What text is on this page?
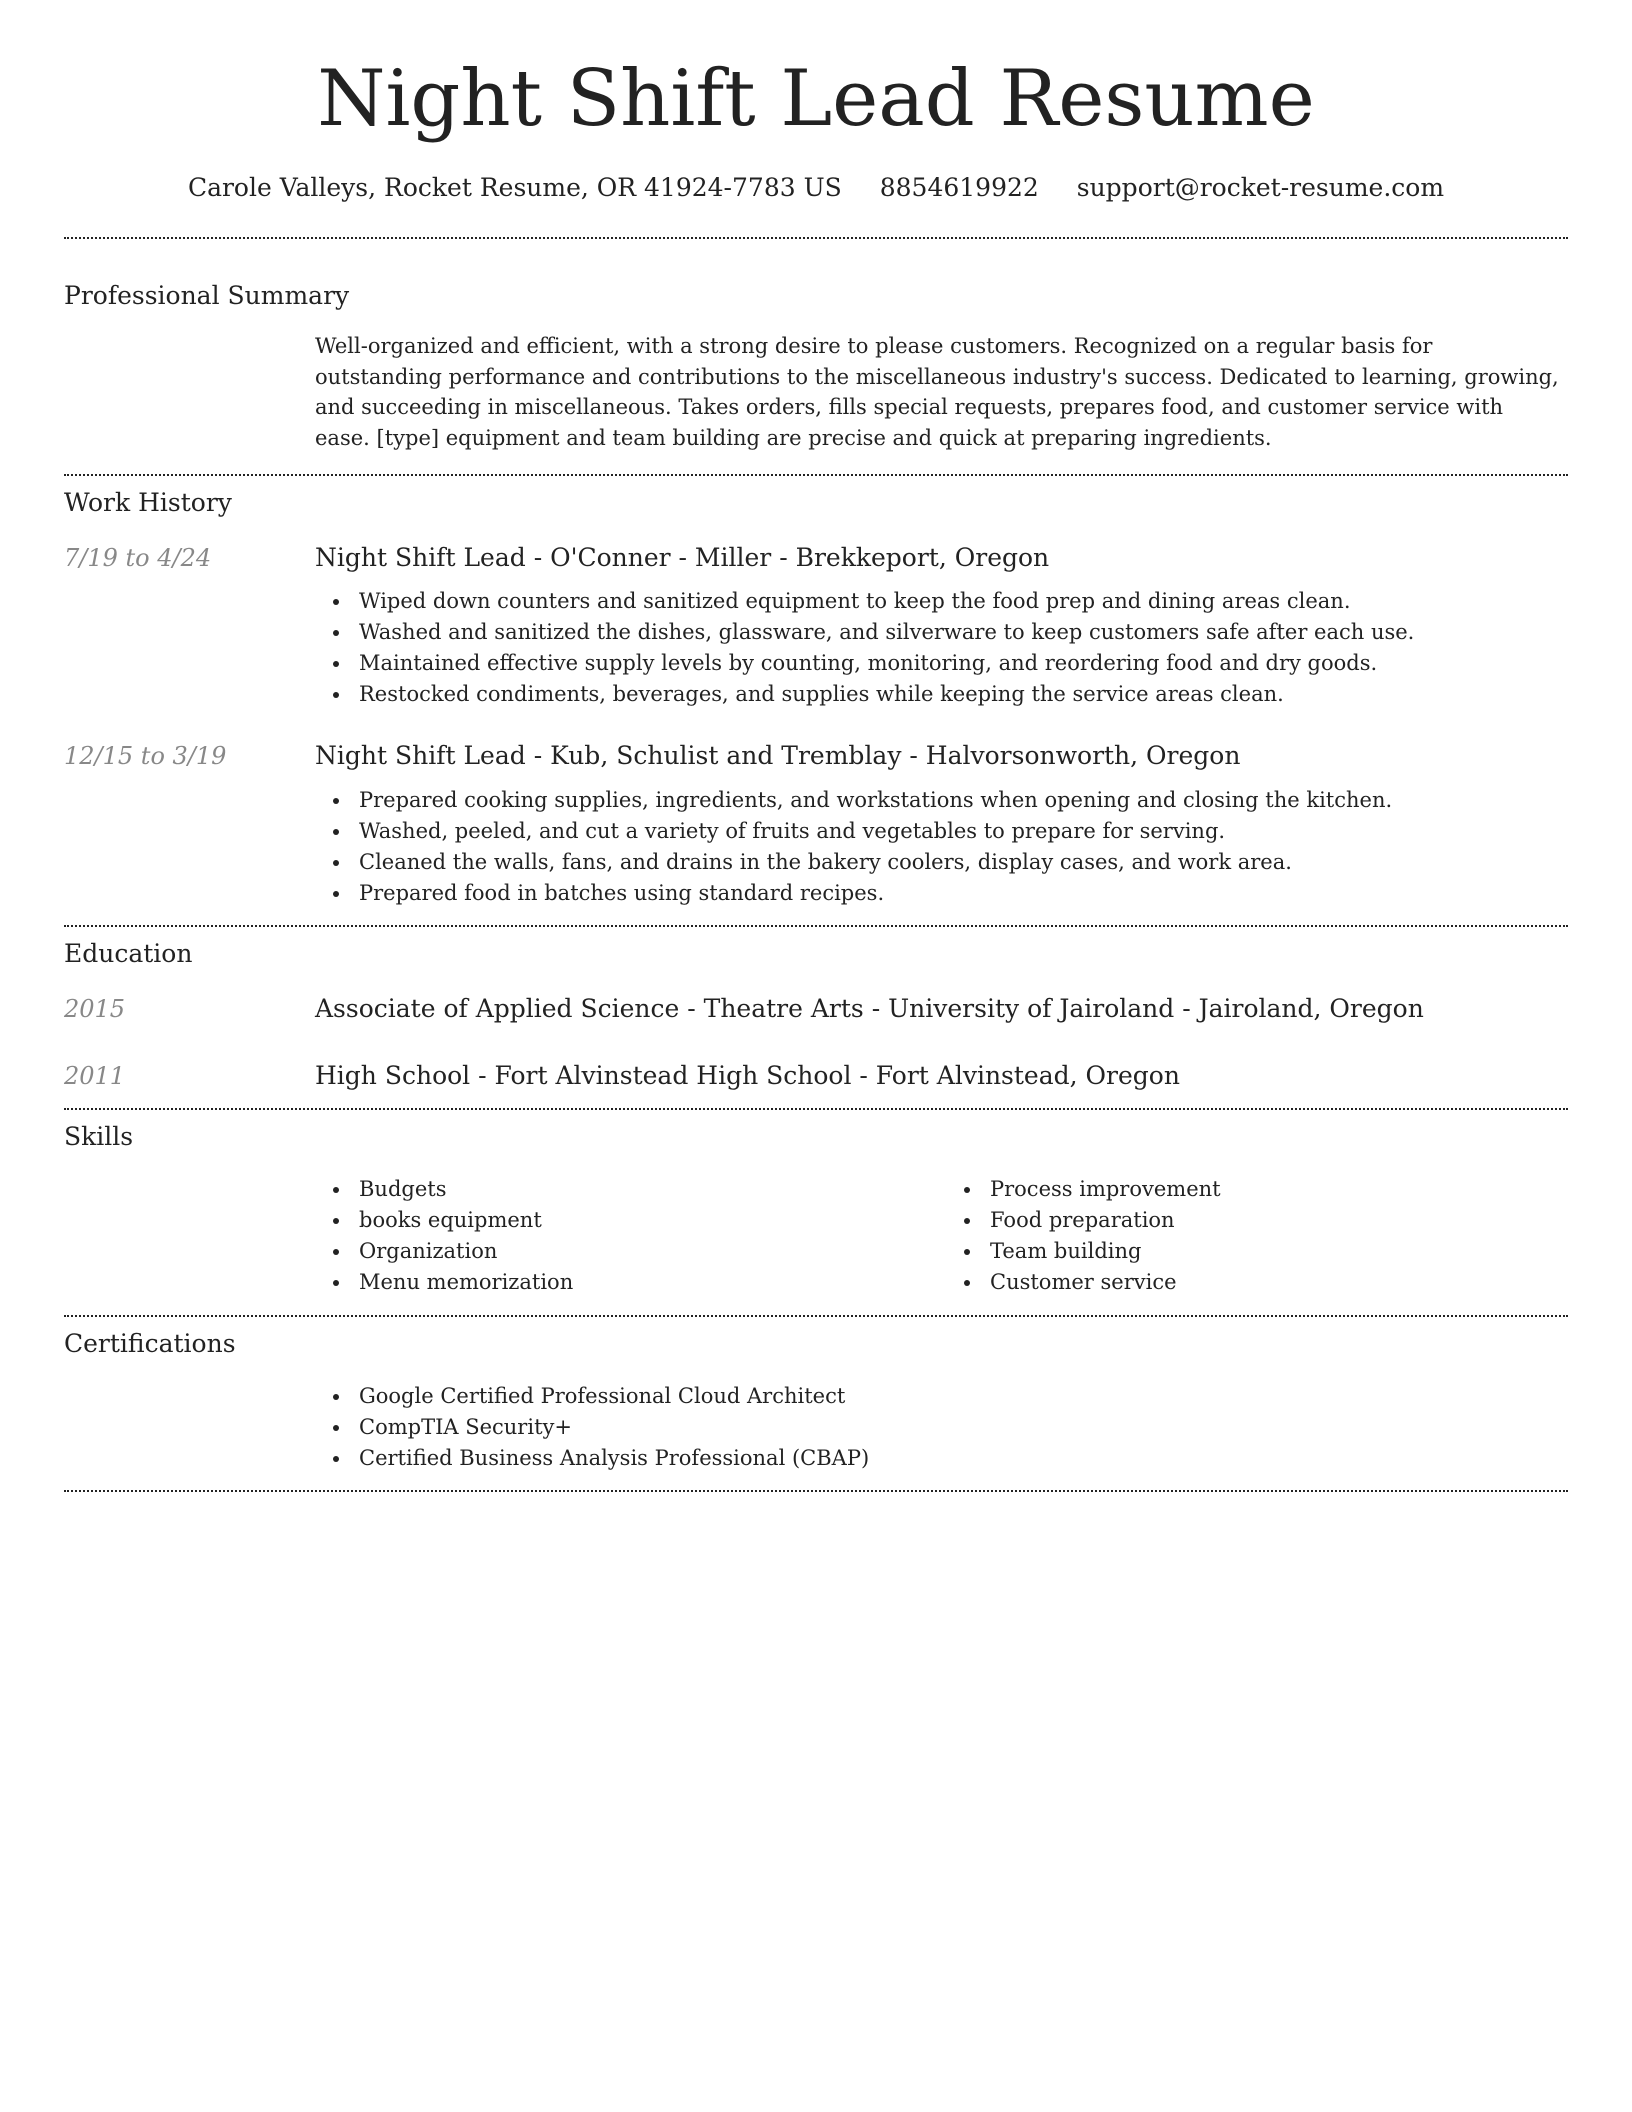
Night Shift Lead Resume
Carole Valleys, Rocket Resume, OR 41924-7783 US 8854619922 support@rocket-resume.com
Professional Summary

Well-organized and efficient, with a strong desire to please customers. Recognized on a regular basis for outstanding performance and contributions to the miscellaneous industry's success. Dedicated to learning, growing, and succeeding in miscellaneous. Takes orders, fills special requests, prepares food, and customer service with ease. [type] equipment and team building are precise and quick at preparing ingredients.

Work History
7/19 to 4/24	Night Shift Lead - O'Conner - Miller - Brekkeport, Oregon
Wiped down counters and sanitized equipment to keep the food prep and dining areas clean.
Washed and sanitized the dishes, glassware, and silverware to keep customers safe after each use.
Maintained effective supply levels by counting, monitoring, and reordering food and dry goods.
Restocked condiments, beverages, and supplies while keeping the service areas clean.
12/15 to 3/19	Night Shift Lead - Kub, Schulist and Tremblay - Halvorsonworth, Oregon
Prepared cooking supplies, ingredients, and workstations when opening and closing the kitchen.
Washed, peeled, and cut a variety of fruits and vegetables to prepare for serving.
Cleaned the walls, fans, and drains in the bakery coolers, display cases, and work area.
Prepared food in batches using standard recipes.
Education
2015	Associate of Applied Science - Theatre Arts - University of Jairoland - Jairoland, Oregon
2011	High School - Fort Alvinstead High School - Fort Alvinstead, Oregon
Skills
Budgets
books equipment
Organization
Menu memorization
Process improvement
Food preparation
Team building
Customer service
Certifications
Google Certified Professional Cloud Architect
CompTIA Security+
Certified Business Analysis Professional (CBAP)
